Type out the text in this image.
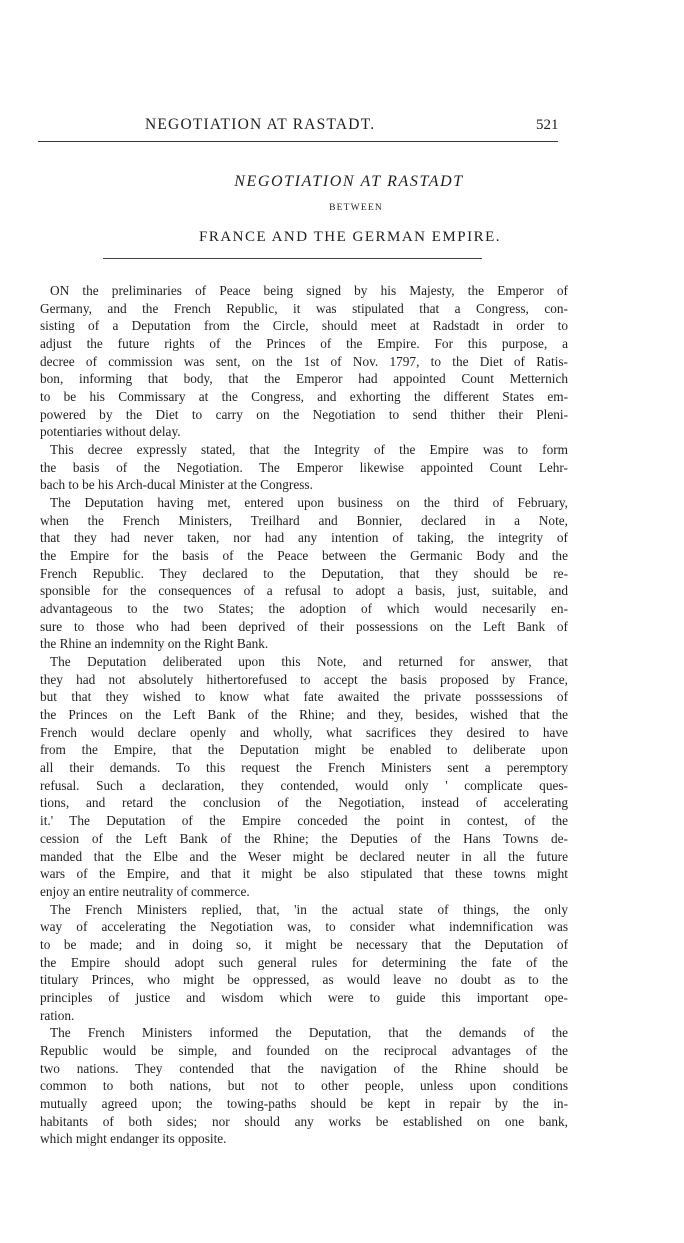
NEGOTIATION AT RASTADT.	521
NEGOTIATION AT RASTADT
BETWEEN
FRANCE AND THE GERMAN EMPIRE.
ON the preliminaries of Peace being signed by his Majesty, the Emperor of
Germany, and the French Republic, it was stipulated that a Congress, con-
sisting of a Deputation from the Circle, should meet at Radstadt in order to
adjust the future rights of the Princes of the Empire. For this purpose, a
decree of commission was sent, on the 1st of Nov. 1797, to the Diet of Ratis-
bon, informing that body, that the Emperor had appointed Count Metternich
to be his Commissary at the Congress, and exhorting the different States em-
powered by the Diet to carry on the Negotiation to send thither their Pleni-
potentiaries without delay.
This decree expressly stated, that the Integrity of the Empire was to form
the basis of the Negotiation. The Emperor likewise appointed Count Lehr-
bach to be his Arch-ducal Minister at the Congress.
The Deputation having met, entered upon business on the third of February,
when the French Ministers, Treilhard and Bonnier, declared in a Note,
that they had never taken, nor had any intention of taking, the integrity of
the Empire for the basis of the Peace between the Germanic Body and the
French Republic. They declared to the Deputation, that they should be re-
sponsible for the consequences of a refusal to adopt a basis, just, suitable, and
advantageous to the two States; the adoption of which would necesarily en-
sure to those who had been deprived of their possessions on the Left Bank of
the Rhine an indemnity on the Right Bank.
The Deputation deliberated upon this Note, and returned for answer, that
they had not absolutely hithertorefused to accept the basis proposed by France,
but that they wished to know what fate awaited the private posssessions of
the Princes on the Left Bank of the Rhine; and they, besides, wished that the
French would declare openly and wholly, what sacrifices they desired to have
from the Empire, that the Deputation might be enabled to deliberate upon
all their demands. To this request the French Ministers sent a peremptory
refusal. Such a declaration, they contended, would only ' complicate ques-
tions, and retard the conclusion of the Negotiation, instead of accelerating
it.' The Deputation of the Empire conceded the point in contest, of the
cession of the Left Bank of the Rhine; the Deputies of the Hans Towns de-
manded that the Elbe and the Weser might be declared neuter in all the future
wars of the Empire, and that it might be also stipulated that these towns might
enjoy an entire neutrality of commerce.
The French Ministers replied, that, 'in the actual state of things, the only
way of accelerating the Negotiation was, to consider what indemnification was
to be made; and in doing so, it might be necessary that the Deputation of
the Empire should adopt such general rules for determining the fate of the
titulary Princes, who might be oppressed, as would leave no doubt as to the
principles of justice and wisdom which were to guide this important ope-
ration.
The French Ministers informed the Deputation, that the demands of the
Republic would be simple, and founded on the reciprocal advantages of the
two nations. They contended that the navigation of the Rhine should be
common to both nations, but not to other people, unless upon conditions
mutually agreed upon; the towing-paths should be kept in repair by the in-
habitants of both sides; nor should any works be established on one bank,
which might endanger its opposite.
